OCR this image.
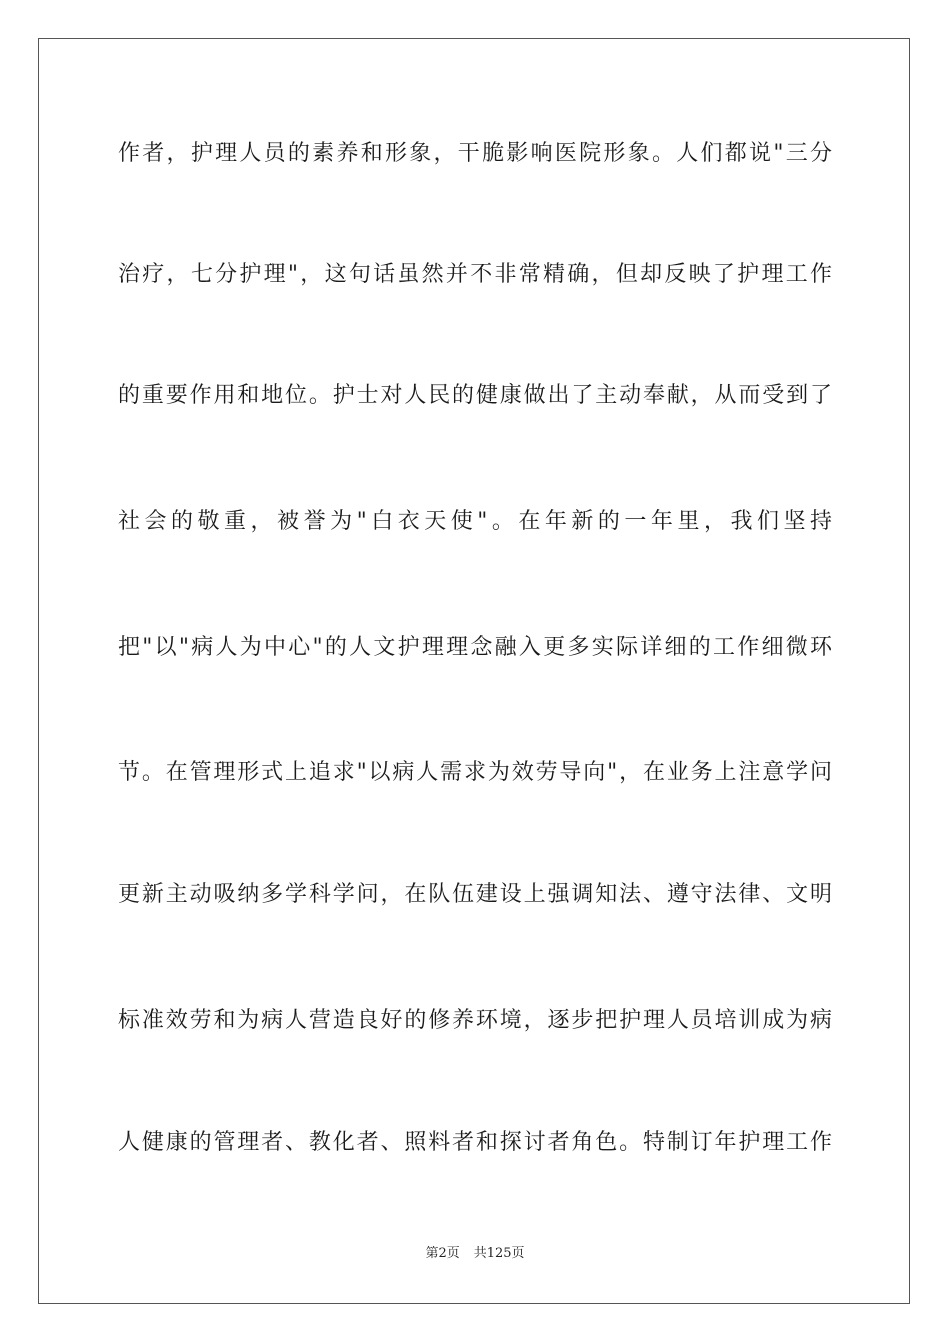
作者，护理人员的素养和形象，干脆影响医院形象。人们都说"三分
治疗，七分护理"，这句话虽然并不非常精确，但却反映了护理工作
的重要作用和地位。护士对人民的健康做出了主动奉献，从而受到了
社会的敬重，被誉为"白衣天使"。在年新的一年里，我们坚持
把"以"病人为中心"的人文护理理念融入更多实际详细的工作细微环
节。在管理形式上追求"以病人需求为效劳导向"，在业务上注意学问
更新主动吸纳多学科学问，在队伍建设上强调知法、遵守法律、文明
标准效劳和为病人营造良好的修养环境，逐步把护理人员培训成为病
人健康的管理者、教化者、照料者和探讨者角色。特制订年护理工作
第2页 共125页
